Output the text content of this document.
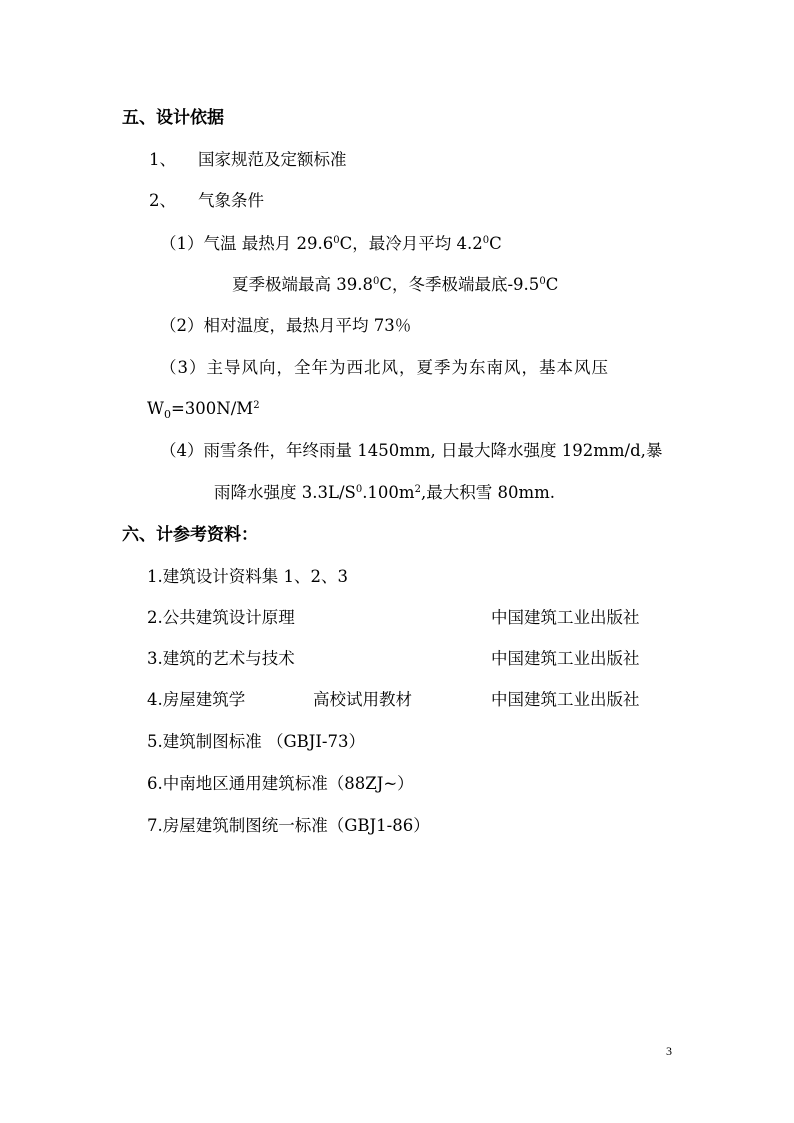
五、设计依据
1、 国家规范及定额标准
2、 气象条件
（1）气温 最热月 29.6$^0$C，最冷月平均 $4.2^0C$
夏季极端最高 39.8$^0$C，冬季极端最底$-9.5^0C$
（2）相对温度，最热月平均 73％
（3）主导风向，全年为西北风，夏季为东南风，基本风压
$W_0=300N/M^2$
（4）雨雪条件，年终雨量 1450mm, 日最大降水强度 192mm/d,暴
雨降水强度 $3.3L/S^0.100m^2$,最大积雪 80mm.
六、计参考资料：
1.建筑设计资料集 1、2、3
2.公共建筑设计原理	中国建筑工业出版社
3.建筑的艺术与技术	中国建筑工业出版社
4.房屋建筑学	高校试用教材	中国建筑工业出版社
5.建筑制图标准 （GBJI-73）
6.中南地区通用建筑标准（88ZJ~）
7.房屋建筑制图统一标准（GBJ1-86）
3
